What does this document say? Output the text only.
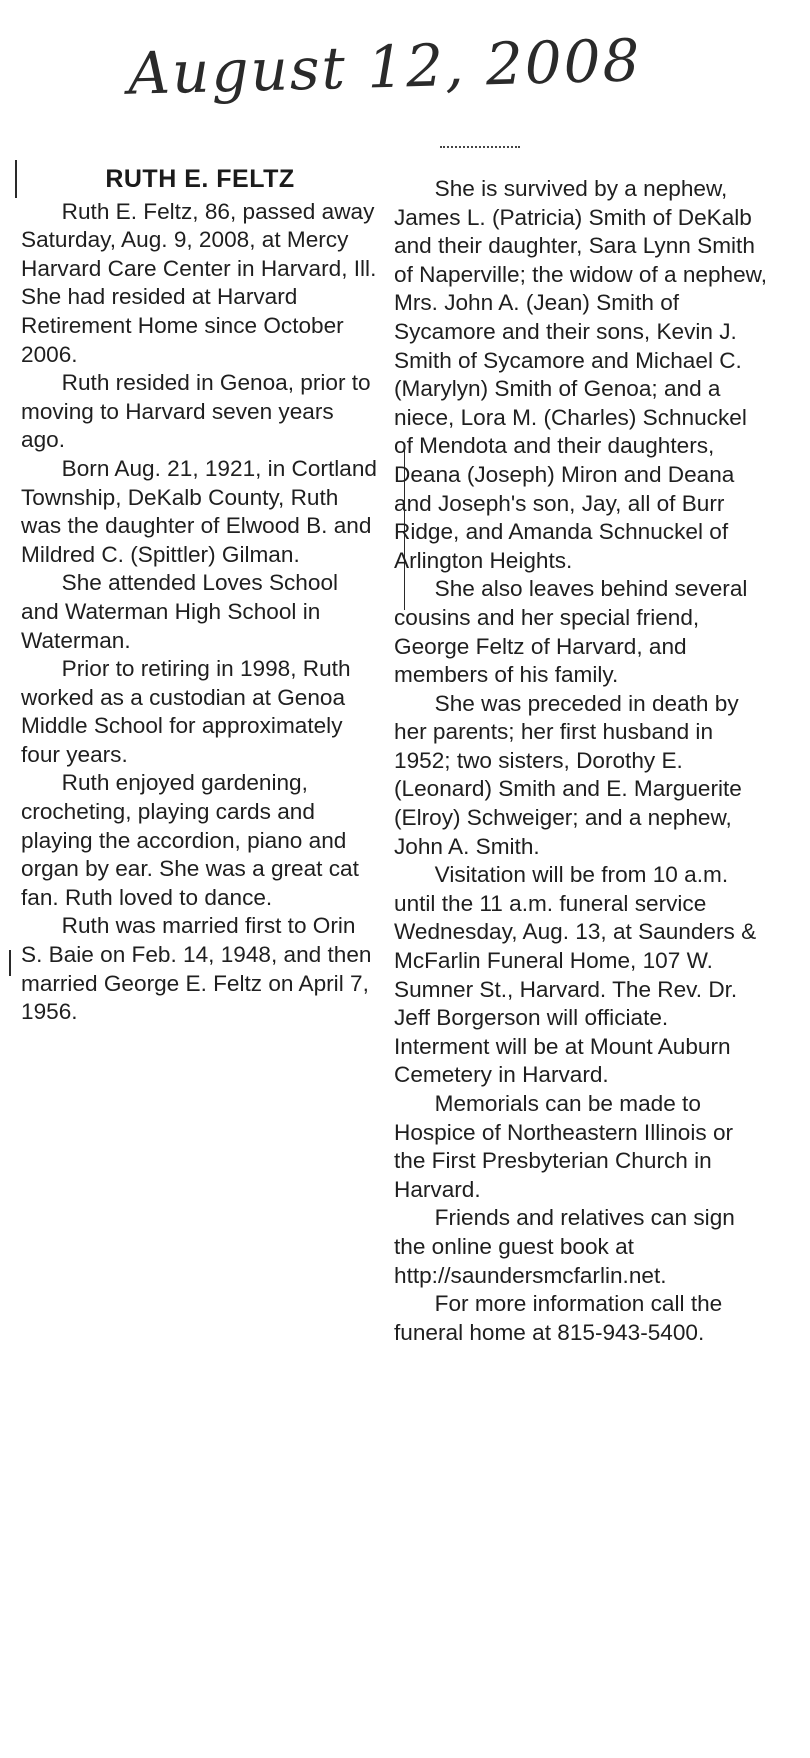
August 12, 2008
RUTH E. FELTZ

Ruth E. Feltz, 86, passed away Saturday, Aug. 9, 2008, at Mercy Harvard Care Center in Harvard, Ill. She had resided at Harvard Retirement Home since October 2006.

Ruth resided in Genoa, prior to moving to Harvard seven years ago.

Born Aug. 21, 1921, in Cortland Township, DeKalb County, Ruth was the daughter of Elwood B. and Mildred C. (Spittler) Gilman.

She attended Loves School and Waterman High School in Waterman.

Prior to retiring in 1998, Ruth worked as a custodian at Genoa Middle School for approximately four years.

Ruth enjoyed gardening, crocheting, playing cards and playing the accordion, piano and organ by ear. She was a great cat fan. Ruth loved to dance.

Ruth was married first to Orin S. Baie on Feb. 14, 1948, and then married George E. Feltz on April 7, 1956.

She is survived by a nephew, James L. (Patricia) Smith of DeKalb and their daughter, Sara Lynn Smith of Naperville; the widow of a nephew, Mrs. John A. (Jean) Smith of Sycamore and their sons, Kevin J. Smith of Sycamore and Michael C. (Marylyn) Smith of Genoa; and a niece, Lora M. (Charles) Schnuckel of Mendota and their daughters, Deana (Joseph) Miron and Deana and Joseph's son, Jay, all of Burr Ridge, and Amanda Schnuckel of Arlington Heights.

She also leaves behind several cousins and her special friend, George Feltz of Harvard, and members of his family.

She was preceded in death by her parents; her first husband in 1952; two sisters, Dorothy E. (Leonard) Smith and E. Marguerite (Elroy) Schweiger; and a nephew, John A. Smith.

Visitation will be from 10 a.m. until the 11 a.m. funeral service Wednesday, Aug. 13, at Saunders & McFarlin Funeral Home, 107 W. Sumner St., Harvard. The Rev. Dr. Jeff Borgerson will officiate. Interment will be at Mount Auburn Cemetery in Harvard.

Memorials can be made to Hospice of Northeastern Illinois or the First Presbyterian Church in Harvard.

Friends and relatives can sign the online guest book at http://saundersmcfarlin.net.

For more information call the funeral home at 815-943-5400.
